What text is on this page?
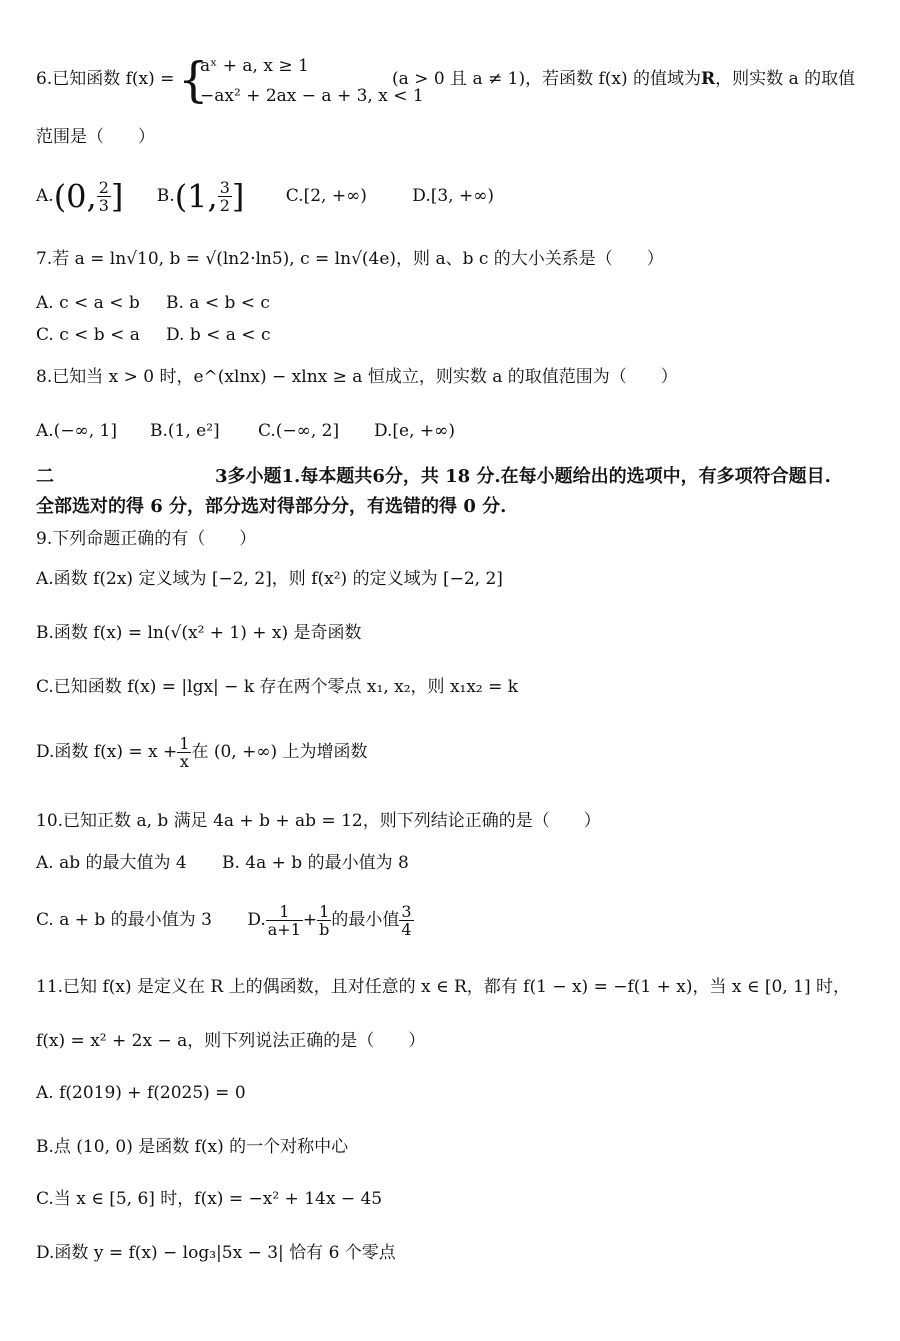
6.已知函数 f(x) = {
aˣ + a, x ≥ 1
−ax² + 2ax − a + 3, x < 1
(a > 0 且 a ≠ 1)，若函数 f(x) 的值域为R，则实数 a 的取值
范围是（　　）
A.(0, $\frac{2}{3}$ ] B.(1, $\frac{3}{2}$ ] C.[2, +∞)	D.[3, +∞)
7.若 a = ln√10, b = √(ln2·ln5), c = ln√(4e)，则 a、b c 的大小关系是（　　）
A. c < a < b B. a < b < c
C. c < b < a D. b < a < c
8.已知当 x > 0 时，e^(xlnx) − xlnx ≥ a 恒成立，则实数 a 的取值范围为（　　）
A.(−∞, 1] B.(1, e²] C.(−∞, 2] D.[e, +∞)
二	3多小题1.每本题共6分，共 18 分.在每小题给出的选项中，有多项符合题目.
全部选对的得 6 分，部分选对得部分分，有选错的得 0 分.
9.下列命题正确的有（　　）
A.函数 f(2x) 定义域为 [−2, 2]，则 f(x²) 的定义域为 [−2, 2]
B.函数 f(x) = ln(√(x² + 1) + x) 是奇函数
C.已知函数 f(x) = |lgx| − k 存在两个零点 x₁, x₂，则 x₁x₂ = k
D.函数 $f(x) = x + \frac{1}{x}$ 在 (0, +∞) 上为增函数
10.已知正数 a, b 满足 4a + b + ab = 12，则下列结论正确的是（　　）
A. ab 的最大值为 4 B. 4a + b 的最小值为 8
C. a + b 的最小值为 3 D. $\frac{1}{a+1} + \frac{1}{b}$ 的最小值 $\frac{3}{4}$
11.已知 f(x) 是定义在 R 上的偶函数，且对任意的 x ∈ R，都有 f(1 − x) = −f(1 + x)，当 x ∈ [0, 1] 时，
f(x) = x² + 2x − a，则下列说法正确的是（　　）
A. f(2019) + f(2025) = 0
B.点 (10, 0) 是函数 f(x) 的一个对称中心
C.当 x ∈ [5, 6] 时，f(x) = −x² + 14x − 45
D.函数 y = f(x) − log₃|5x − 3| 恰有 6 个零点
